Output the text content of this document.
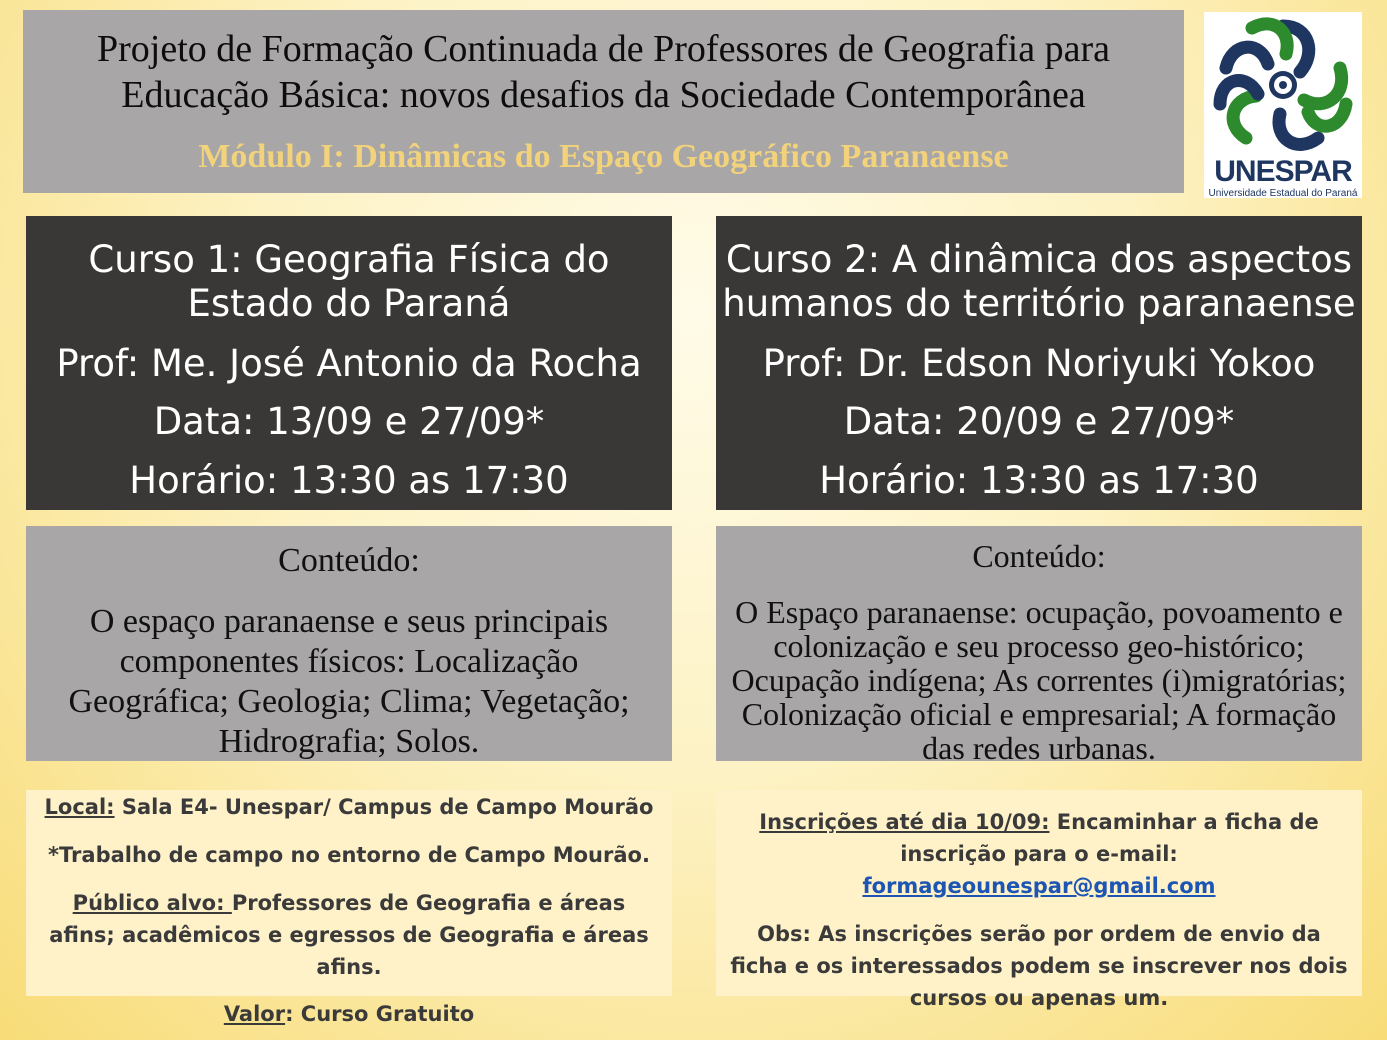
Projeto de Formação Continuada de Professores de Geografia para
Educação Básica: novos desafios da Sociedade Contemporânea
Módulo I: Dinâmicas do Espaço Geográfico Paranaense	UNESPAR
Universidade Estadual do Paraná
Curso 1: Geografia Física do Estado do Paraná
Prof: Me. José Antonio da Rocha
Data: 13/09 e 27/09*
Horário: 13:30 as 17:30
Curso 2: A dinâmica dos aspectos humanos do território paranaense
Prof: Dr. Edson Noriyuki Yokoo
Data: 20/09 e 27/09*
Horário: 13:30 as 17:30
Conteúdo:
O espaço paranaense e seus principais componentes físicos: Localização Geográfica; Geologia; Clima; Vegetação; Hidrografia; Solos.
Conteúdo:
O Espaço paranaense: ocupação, povoamento e colonização e seu processo geo-histórico; Ocupação indígena; As correntes (i)migratórias; Colonização oficial e empresarial; A formação das redes urbanas.

Local: Sala E4- Unespar/ Campus de Campo Mourão

*Trabalho de campo no entorno de Campo Mourão.

Público alvo: Professores de Geografia e áreas afins; acadêmicos e egressos de Geografia e áreas afins.

Valor: Curso Gratuito

Inscrições até dia 10/09: Encaminhar a ficha de inscrição para o e-mail: formageounespar@gmail.com

Obs: As inscrições serão por ordem de envio da ficha e os interessados podem se inscrever nos dois cursos ou apenas um.
